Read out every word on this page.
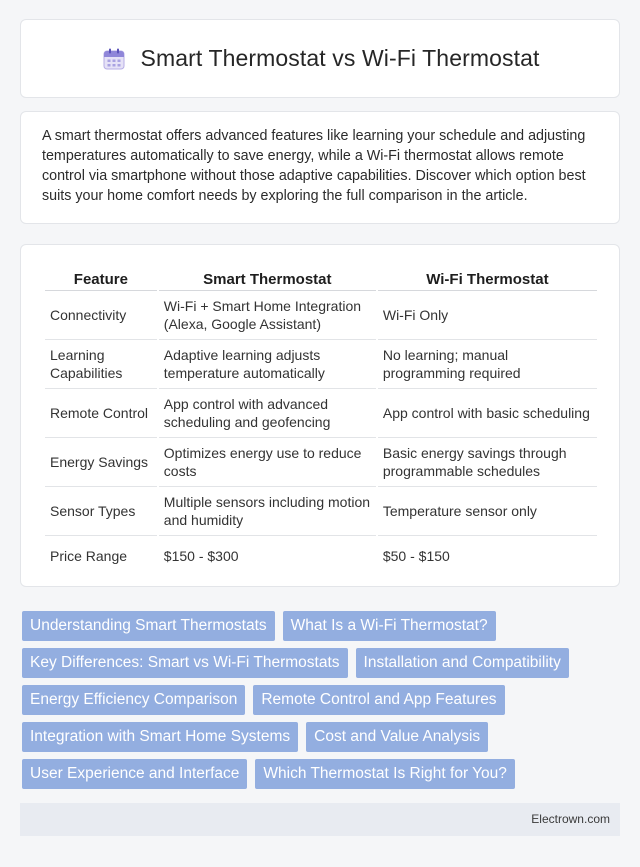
Smart Thermostat vs Wi-Fi Thermostat

A smart thermostat offers advanced features like learning your schedule and adjusting temperatures automatically to save energy, while a Wi-Fi thermostat allows remote control via smartphone without those adaptive capabilities. Discover which option best suits your home comfort needs by exploring the full comparison in the article.

Feature	Smart Thermostat	Wi-Fi Thermostat
Connectivity	Wi-Fi + Smart Home Integration (Alexa, Google Assistant)	Wi-Fi Only
Learning Capabilities	Adaptive learning adjusts temperature automatically	No learning; manual programming required
Remote Control	App control with advanced scheduling and geofencing	App control with basic scheduling
Energy Savings	Optimizes energy use to reduce costs	Basic energy savings through programmable schedules
Sensor Types	Multiple sensors including motion and humidity	Temperature sensor only
Price Range	$150 - $300	$50 - $150
Understanding Smart Thermostats	What Is a Wi-Fi Thermostat?
Key Differences: Smart vs Wi-Fi Thermostats	Installation and Compatibility
Energy Efficiency Comparison	Remote Control and App Features
Integration with Smart Home Systems	Cost and Value Analysis
User Experience and Interface	Which Thermostat Is Right for You?
Electrown.com
